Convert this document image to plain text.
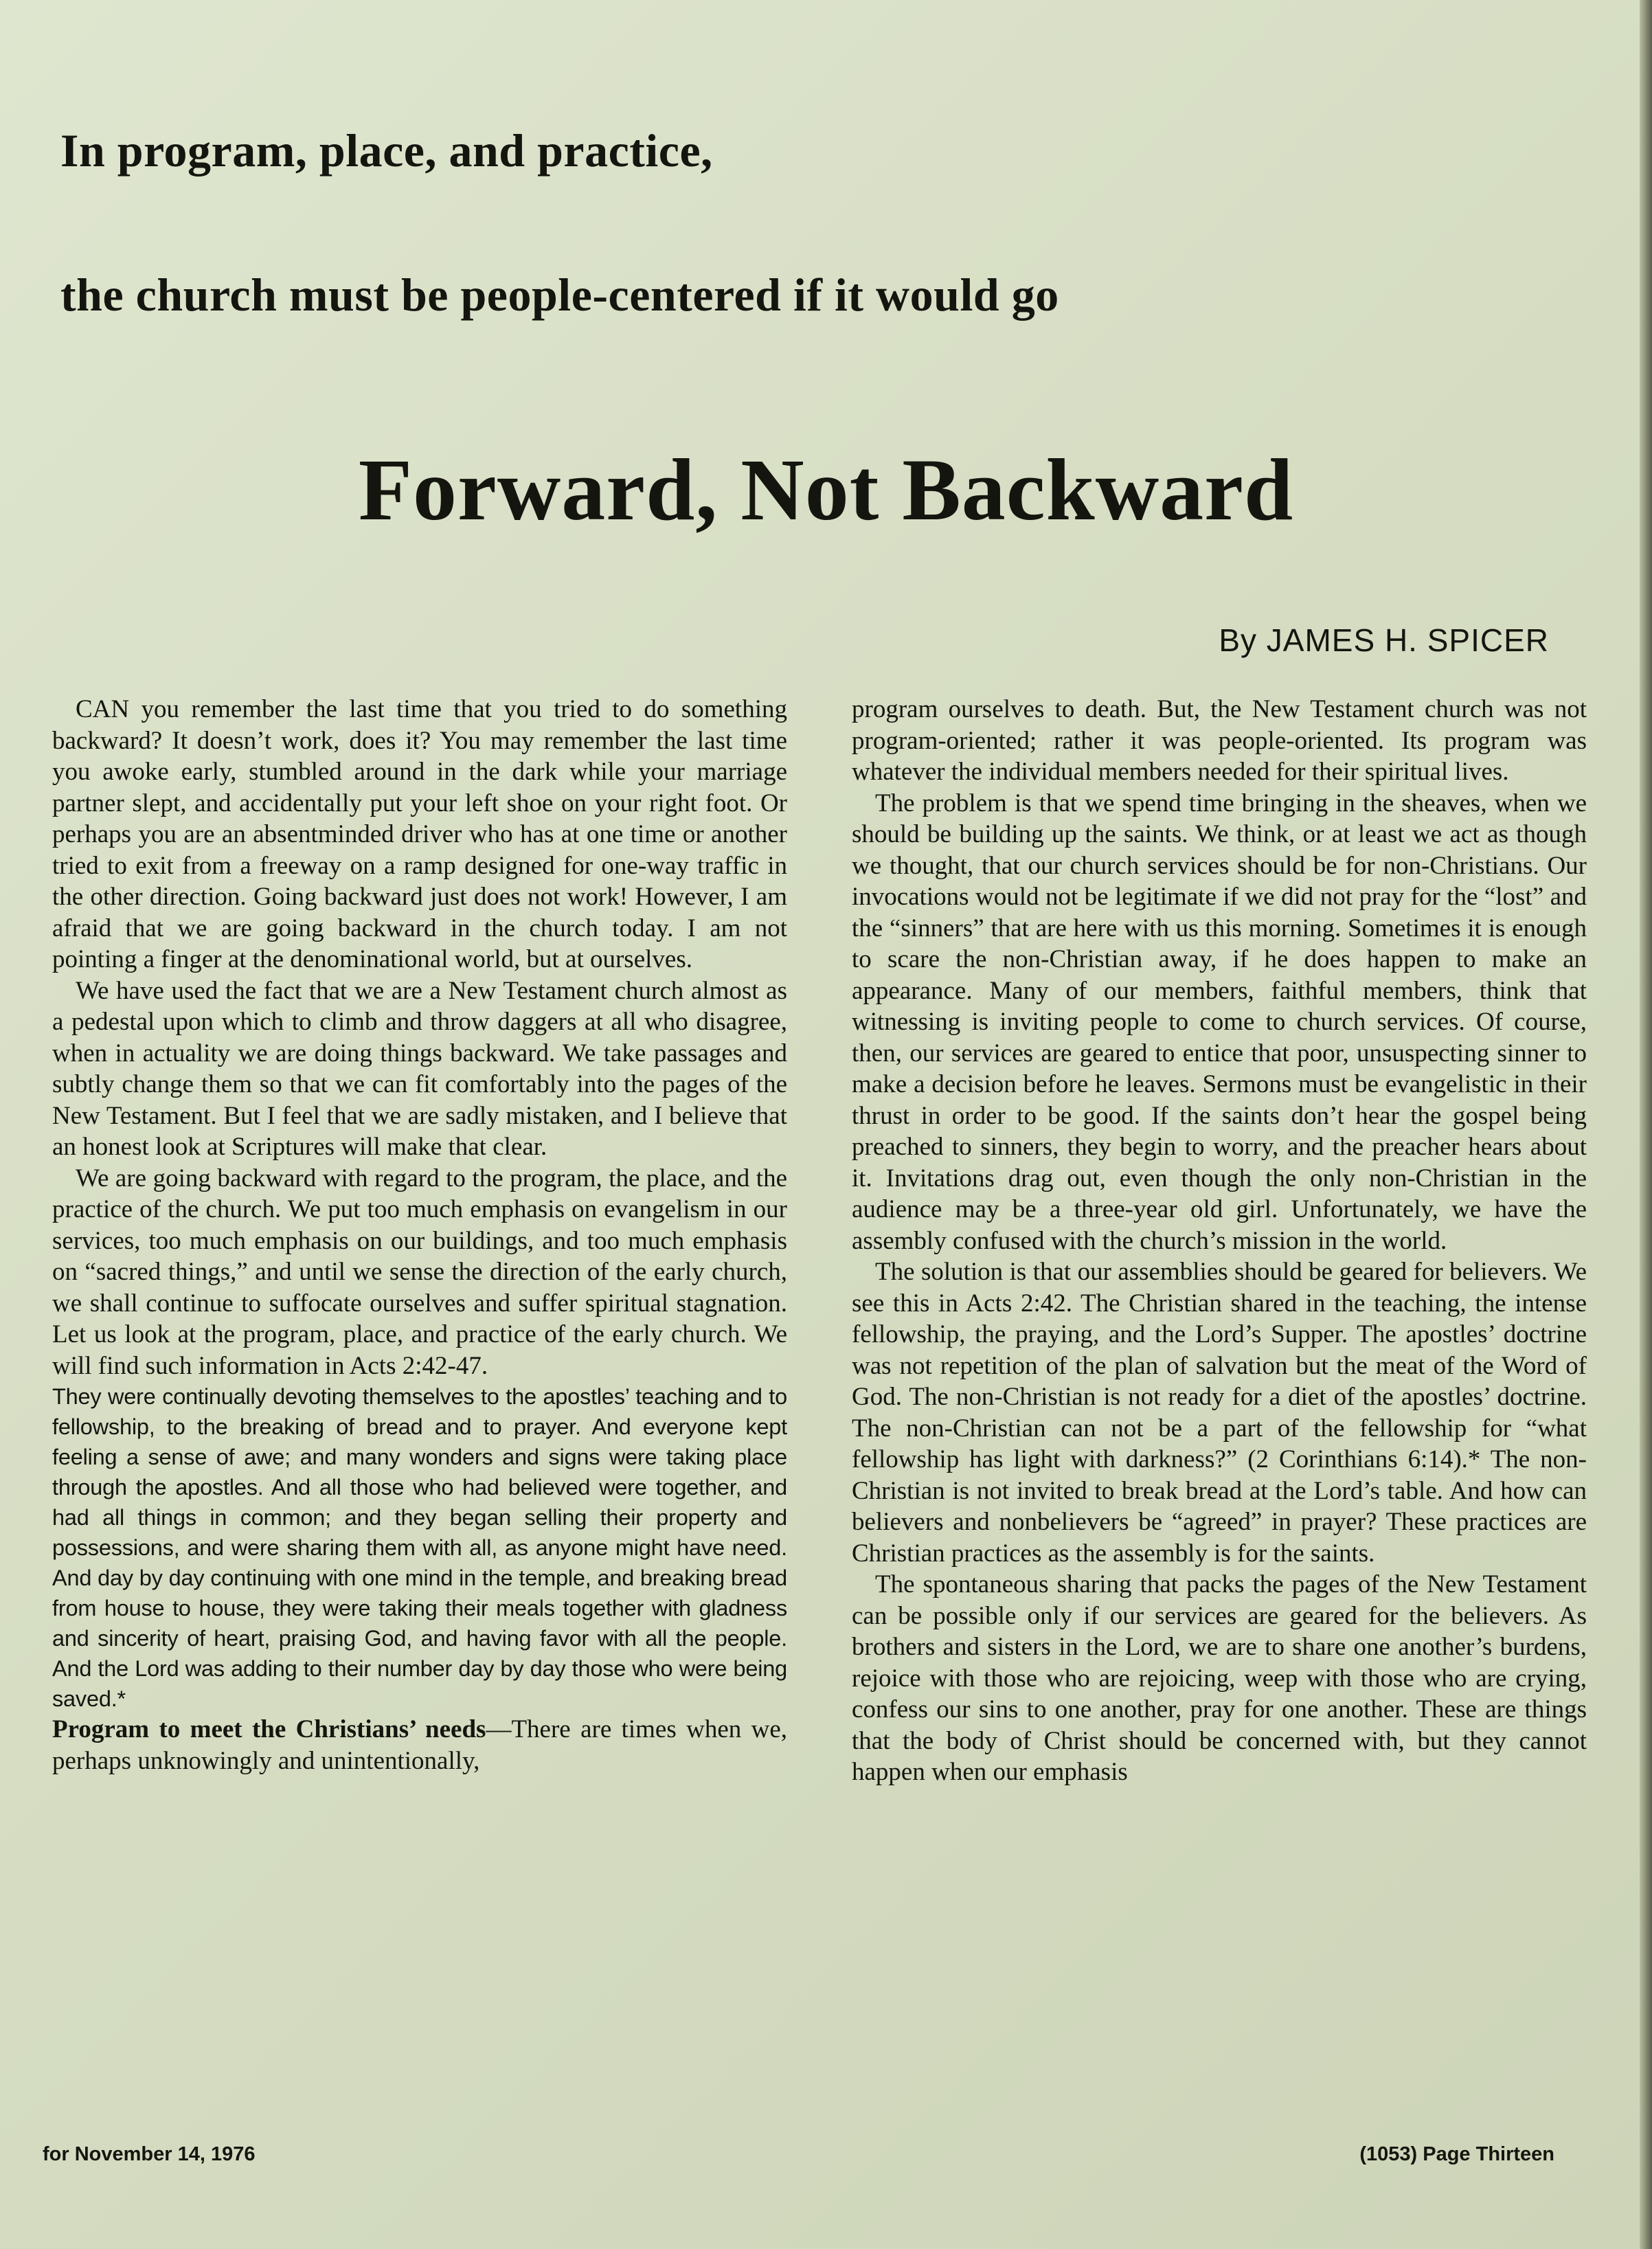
In program, place, and practice,
the church must be people-centered if it would go
Forward, Not Backward
By JAMES H. SPICER

CAN you remember the last time that you tried to do something backward? It doesn’t work, does it? You may remember the last time you awoke early, stumbled around in the dark while your marriage partner slept, and accidentally put your left shoe on your right foot. Or perhaps you are an absentminded driver who has at one time or another tried to exit from a freeway on a ramp designed for one-way traffic in the other direction. Going backward just does not work! However, I am afraid that we are going backward in the church today. I am not pointing a finger at the denominational world, but at ourselves.

We have used the fact that we are a New Testament church almost as a pedestal upon which to climb and throw daggers at all who disagree, when in actuality we are doing things backward. We take passages and subtly change them so that we can fit comfortably into the pages of the New Testament. But I feel that we are sadly mistaken, and I believe that an honest look at Scriptures will make that clear.

We are going backward with regard to the program, the place, and the practice of the church. We put too much emphasis on evangelism in our services, too much emphasis on our buildings, and too much emphasis on “sacred things,” and until we sense the direction of the early church, we shall continue to suffocate ourselves and suffer spiritual stagnation. Let us look at the program, place, and practice of the early church. We will find such information in Acts 2:42-47.

They were continually devoting themselves to the apostles’ teaching and to fellowship, to the breaking of bread and to prayer. And everyone kept feeling a sense of awe; and many wonders and signs were taking place through the apostles. And all those who had believed were together, and had all things in common; and they began selling their property and possessions, and were sharing them with all, as anyone might have need. And day by day continuing with one mind in the temple, and breaking bread from house to house, they were taking their meals together with gladness and sincerity of heart, praising God, and having favor with all the people. And the Lord was adding to their number day by day those who were being saved.*

Program to meet the Christians’ needs—There are times when we, perhaps unknowingly and unintentionally,

program ourselves to death. But, the New Testament church was not program-oriented; rather it was people-oriented. Its program was whatever the individual members needed for their spiritual lives.

The problem is that we spend time bringing in the sheaves, when we should be building up the saints. We think, or at least we act as though we thought, that our church services should be for non-Christians. Our invocations would not be legitimate if we did not pray for the “lost” and the “sinners” that are here with us this morning. Sometimes it is enough to scare the non-Christian away, if he does happen to make an appearance. Many of our members, faithful members, think that witnessing is inviting people to come to church services. Of course, then, our services are geared to entice that poor, unsuspecting sinner to make a decision before he leaves. Sermons must be evangelistic in their thrust in order to be good. If the saints don’t hear the gospel being preached to sinners, they begin to worry, and the preacher hears about it. Invitations drag out, even though the only non-Christian in the audience may be a three-year old girl. Unfortunately, we have the assembly confused with the church’s mission in the world.

The solution is that our assemblies should be geared for believers. We see this in Acts 2:42. The Christian shared in the teaching, the intense fellowship, the praying, and the Lord’s Supper. The apostles’ doctrine was not repetition of the plan of salvation but the meat of the Word of God. The non-Christian is not ready for a diet of the apostles’ doctrine. The non-Christian can not be a part of the fellowship for “what fellowship has light with darkness?” (2 Corinthians 6:14).* The non-Christian is not invited to break bread at the Lord’s table. And how can believers and nonbelievers be “agreed” in prayer? These practices are Christian practices as the assembly is for the saints.

The spontaneous sharing that packs the pages of the New Testament can be possible only if our services are geared for the believers. As brothers and sisters in the Lord, we are to share one another’s burdens, rejoice with those who are rejoicing, weep with those who are crying, confess our sins to one another, pray for one another. These are things that the body of Christ should be concerned with, but they cannot happen when our emphasis

for November 14, 1976	(1053) Page Thirteen
